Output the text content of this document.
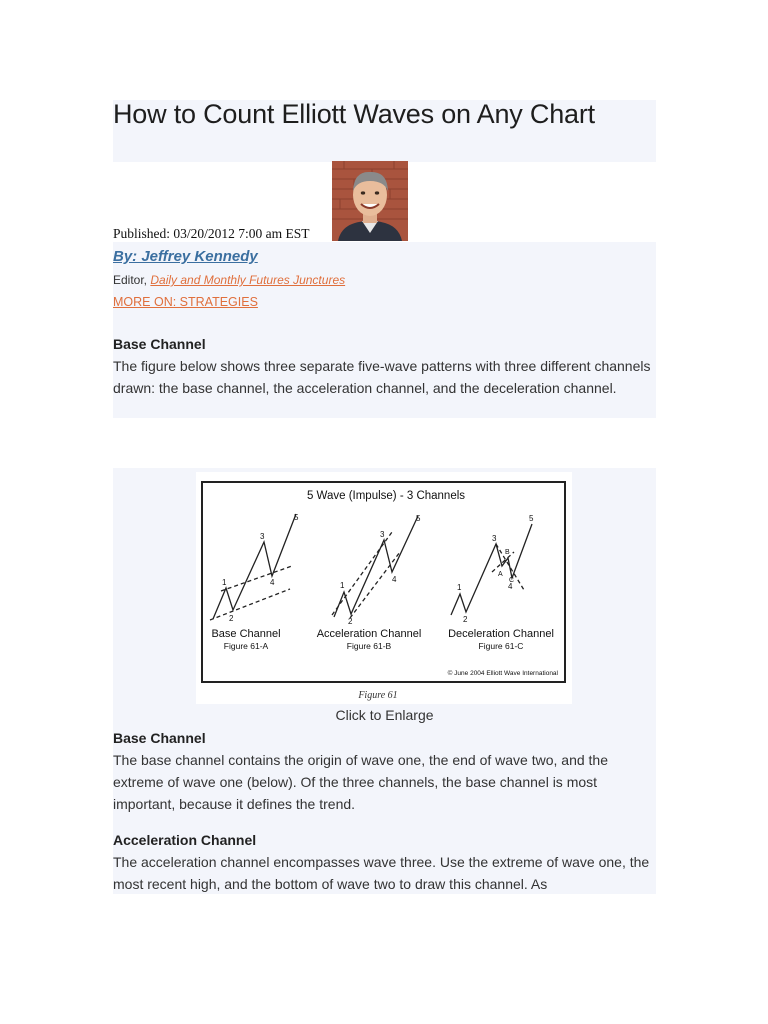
How to Count Elliott Waves on Any Chart
Published: 03/20/2012 7:00 am EST
By: Jeffrey Kennedy
Editor, Daily and Monthly Futures Junctures
MORE ON: STRATEGIES
Base Channel

The figure below shows three separate five-wave patterns with three different channels drawn: the base channel, the acceleration channel, and the deceleration channel.

5 Wave (Impulse) - 3 Channels
1
2
3
4
5
Base Channel
Figure 61-A
1
2
3
4
5
Acceleration Channel
Figure 61-B
1
2
3
4
5
A
B
C
Deceleration Channel
Figure 61-C
© June 2004 Elliott Wave International
Figure 61
Click to Enlarge
Base Channel

The base channel contains the origin of wave one, the end of wave two, and the extreme of wave one (below). Of the three channels, the base channel is most important, because it defines the trend.

Acceleration Channel

The acceleration channel encompasses wave three. Use the extreme of wave one, the most recent high, and the bottom of wave two to draw this channel. As
